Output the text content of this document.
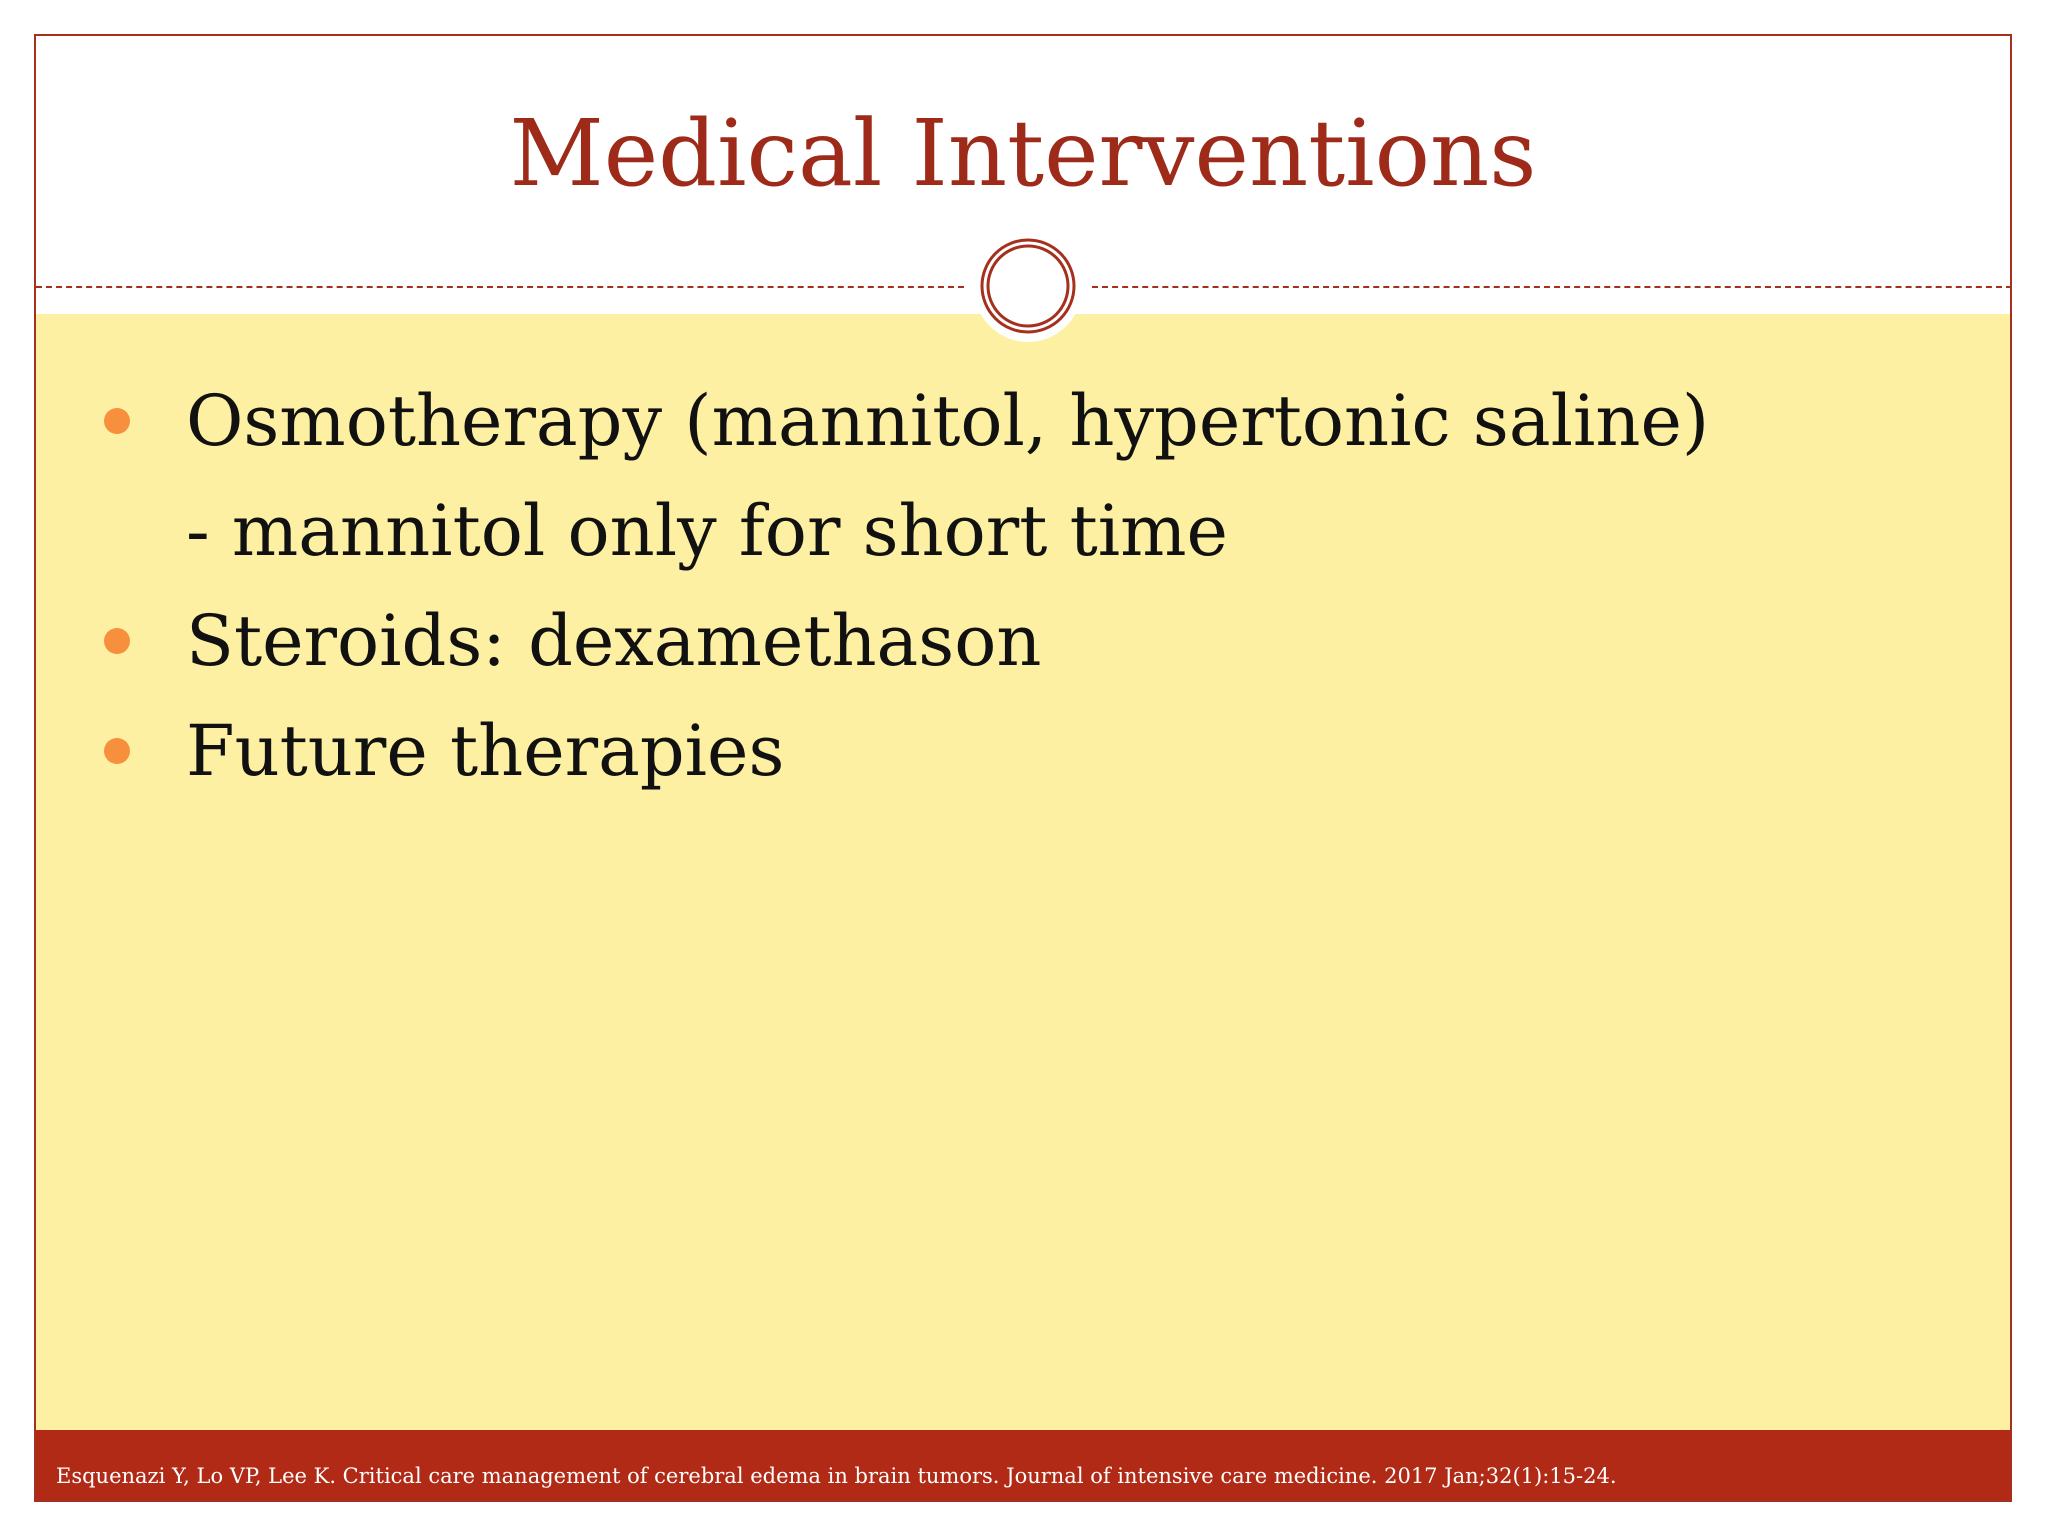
Medical Interventions
Osmotherapy (mannitol, hypertonic saline)
- mannitol only for short time
Steroids: dexamethason
Future therapies
Esquenazi Y, Lo VP, Lee K. Critical care management of cerebral edema in brain tumors. Journal of intensive care medicine. 2017 Jan;32(1):15-24.
